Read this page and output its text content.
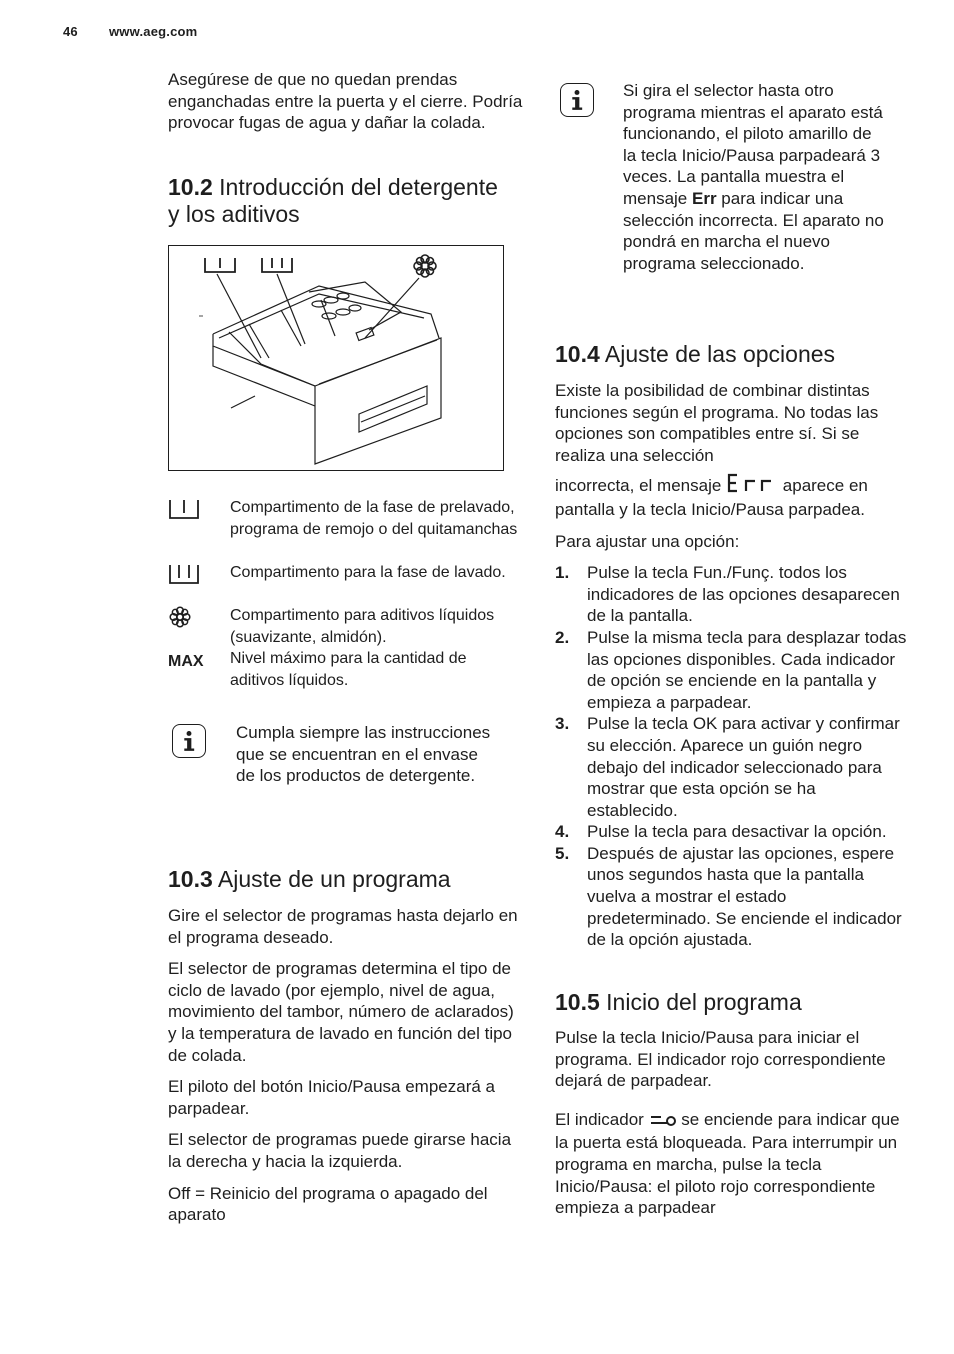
46 www.aeg.com

Asegúrese de que no quedan prendas enganchadas entre la puerta y el cierre. Podría provocar fugas de agua y dañar la colada.

10.2 Introducción del detergente y los aditivos
Compartimento de la fase de prelavado, programa de remojo o del quitamanchas
Compartimento para la fase de lavado.
Compartimento para aditivos líquidos (suavizante, almidón).
MAX	Nivel máximo para la cantidad de aditivos líquidos.

Cumpla siempre las instrucciones que se encuentran en el envase de los productos de detergente.

10.3 Ajuste de un programa

Gire el selector de programas hasta dejarlo en el programa deseado.

El selector de programas determina el tipo de ciclo de lavado (por ejemplo, nivel de agua, movimiento del tambor, número de aclarados) y la temperatura de lavado en función del tipo de colada.

El piloto del botón Inicio/Pausa empezará a parpadear.

El selector de programas puede girarse hacia la derecha y hacia la izquierda.

Off = Reinicio del programa o apagado del aparato

Si gira el selector hasta otro programa mientras el aparato está funcionando, el piloto amarillo de la tecla Inicio/Pausa parpadeará 3 veces. La pantalla muestra el mensaje Err para indicar una selección incorrecta. El aparato no pondrá en marcha el nuevo programa seleccionado.

10.4 Ajuste de las opciones

Existe la posibilidad de combinar distintas funciones según el programa. No todas las opciones son compatibles entre sí. Si se realiza una selección

incorrecta, el mensaje	aparece en pantalla y la tecla Inicio/Pausa parpadea.

Para ajustar una opción:

1. Pulse la tecla Fun./Funç. todos los indicadores de las opciones desaparecen de la pantalla.
2. Pulse la misma tecla para desplazar todas las opciones disponibles. Cada indicador de opción se enciende en la pantalla y empieza a parpadear.
3. Pulse la tecla OK para activar y confirmar su elección. Aparece un guión negro debajo del indicador seleccionado para mostrar que esta opción se ha establecido.
4. Pulse la tecla para desactivar la opción.
5. Después de ajustar las opciones, espere unos segundos hasta que la pantalla vuelva a mostrar el estado predeterminado. Se enciende el indicador de la opción ajustada.
10.5 Inicio del programa

Pulse la tecla Inicio/Pausa para iniciar el programa. El indicador rojo correspondiente dejará de parpadear.

El indicador se enciende para indicar que la puerta está bloqueada. Para interrumpir un programa en marcha, pulse la tecla Inicio/Pausa: el piloto rojo correspondiente empieza a parpadear
